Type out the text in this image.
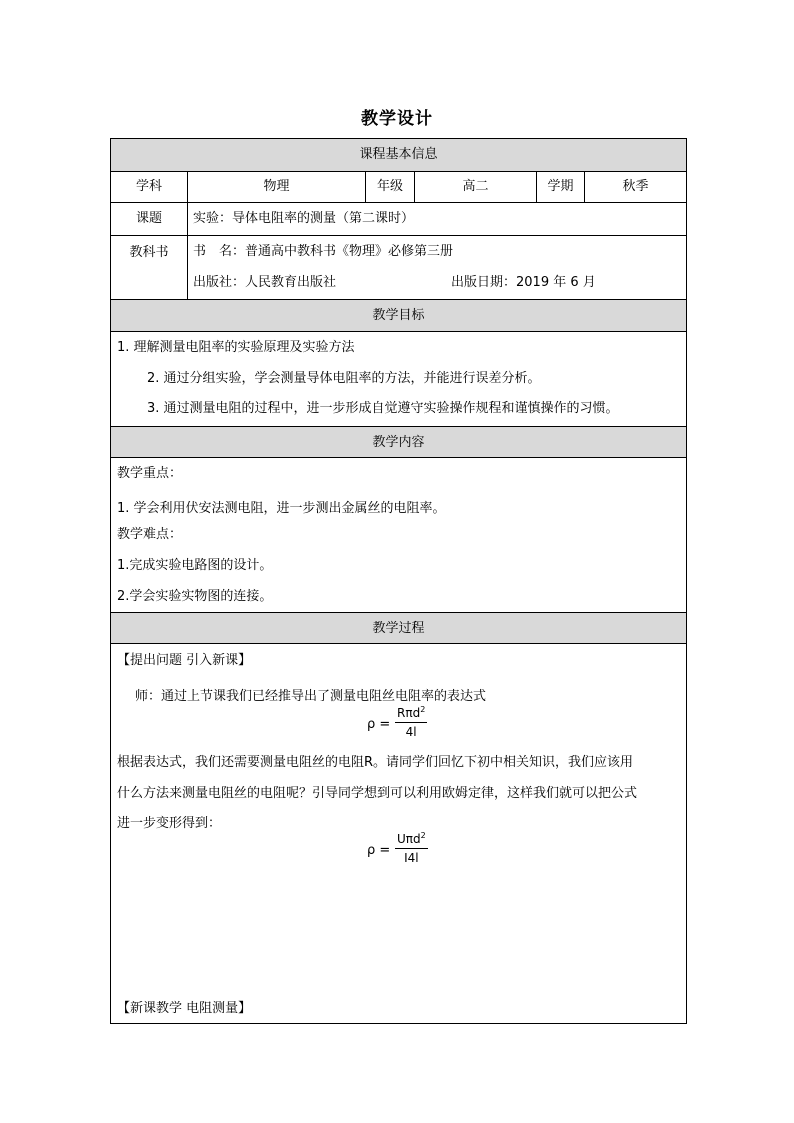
教学设计
课程基本信息
学科	物理	年级	高二	学期	秋季
课题	实验：导体电阻率的测量（第二课时）
教科书	书　名：普通高中教科书《物理》必修第三册
出版社：人民教育出版社	出版日期：2019 年 6 月
教学目标
1. 理解测量电阻率的实验原理及实验方法
2. 通过分组实验，学会测量导体电阻率的方法，并能进行误差分析。
3. 通过测量电阻的过程中，进一步形成自觉遵守实验操作规程和谨慎操作的习惯。
教学内容
教学重点：
1. 学会利用伏安法测电阻，进一步测出金属丝的电阻率。
教学难点：
1.完成实验电路图的设计。
2.学会实验实物图的连接。
教学过程
【提出问题 引入新课】
师：通过上节课我们已经推导出了测量电阻丝电阻率的表达式
ρ =
Rπd$^2$
4l
根据表达式，我们还需要测量电阻丝的电阻R。请同学们回忆下初中相关知识，我们应该用
什么方法来测量电阻丝的电阻呢？引导同学想到可以利用欧姆定律，这样我们就可以把公式
进一步变形得到：
ρ =
Uπd$^2$
I4l
【新课教学 电阻测量】
